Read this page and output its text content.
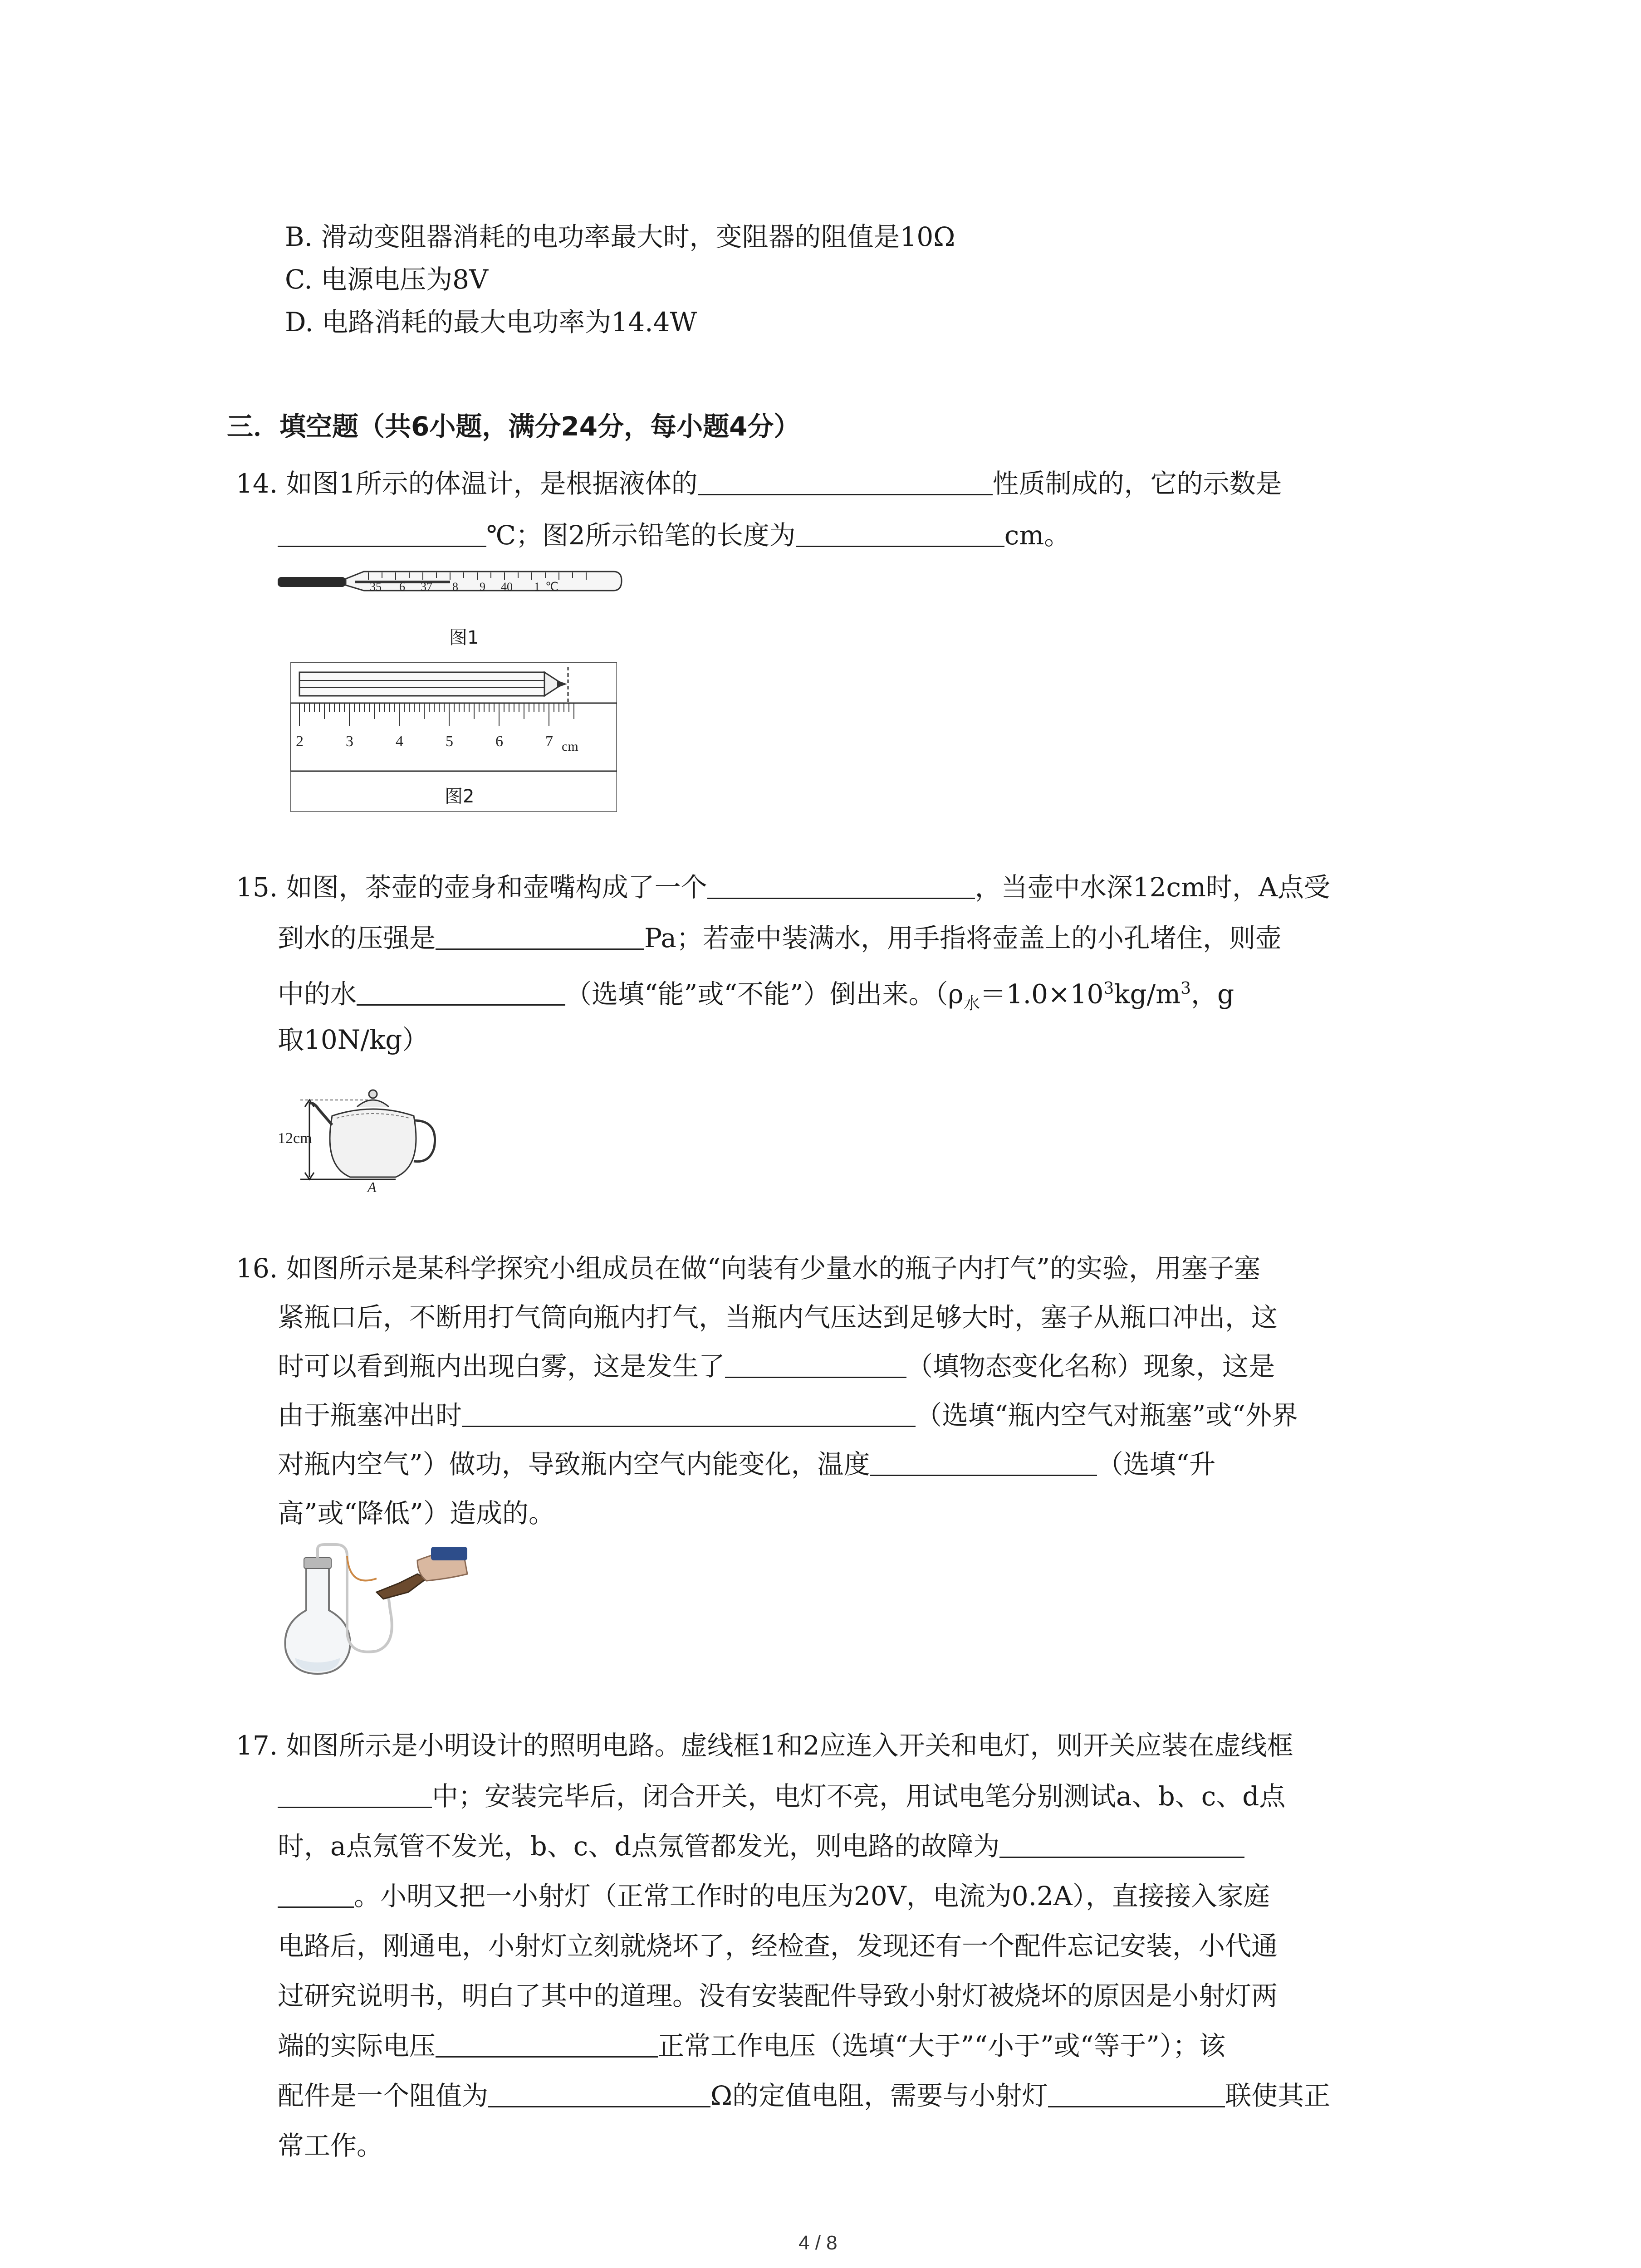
B. 滑动变阻器消耗的电功率最大时，变阻器的阻值是10Ω
C. 电源电压为8V
D. 电路消耗的最大电功率为14.4W
三．填空题（共6小题，满分24分，每小题4分）
14. 如图1所示的体温计，是根据液体的	性质制成的，它的示数是
℃；图2所示铅笔的长度为	cm。
35 6 37 8 9 40 1 ℃
图1
2	3	4	5	6	7 cm
图2
15. 如图，茶壶的壶身和壶嘴构成了一个	，当壶中水深12cm时，A点受
到水的压强是	Pa；若壶中装满水，用手指将壶盖上的小孔堵住，则壶
中的水	（选填“能”或“不能”）倒出来。（$\rho_水=1.0\times 10^3kg/m^3$，g
取10N/kg）
12cm
A
16. 如图所示是某科学探究小组成员在做“向装有少量水的瓶子内打气”的实验，用塞子塞
紧瓶口后，不断用打气筒向瓶内打气，当瓶内气压达到足够大时，塞子从瓶口冲出，这
时可以看到瓶内出现白雾，这是发生了	（填物态变化名称）现象，这是
由于瓶塞冲出时	（选填“瓶内空气对瓶塞”或“外界
对瓶内空气”）做功，导致瓶内空气内能变化，温度	（选填“升
高”或“降低”）造成的。
17. 如图所示是小明设计的照明电路。虚线框1和2应连入开关和电灯，则开关应装在虚线框
中；安装完毕后，闭合开关，电灯不亮，用试电笔分别测试a、b、c、d点
时，a点氖管不发光，b、c、d点氖管都发光，则电路的故障为
。小明又把一小射灯（正常工作时的电压为20V，电流为0.2A），直接接入家庭
电路后，刚通电，小射灯立刻就烧坏了，经检查，发现还有一个配件忘记安装，小代通
过研究说明书，明白了其中的道理。没有安装配件导致小射灯被烧坏的原因是小射灯两
端的实际电压	正常工作电压（选填“大于”“小于”或“等于”）；该
配件是一个阻值为	Ω的定值电阻，需要与小射灯	联使其正
常工作。
4 / 8
